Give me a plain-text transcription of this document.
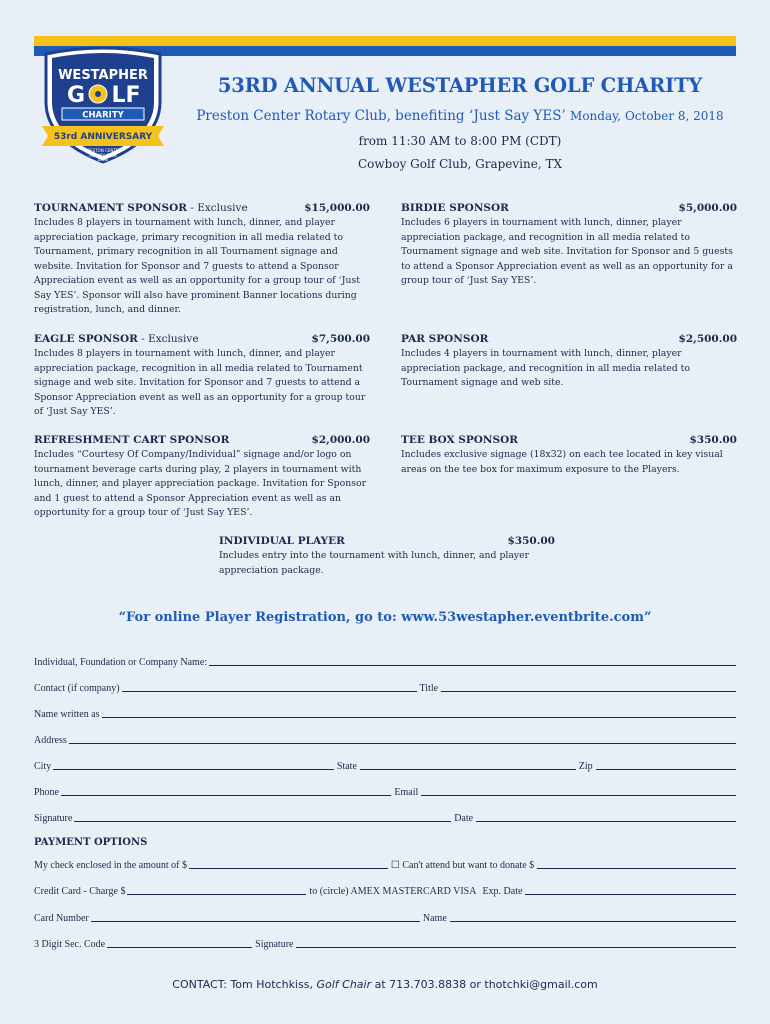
WESTAPHER
G LF
CHARITY
53rd ANNIVERSARY
PRESTON CENTER
ROTARY CLUB
Dallas
53RD ANNUAL WESTAPHER GOLF CHARITY
Preston Center Rotary Club, benefiting ‘Just Say YES’ Monday, October 8, 2018
from 11:30 AM to 8:00 PM (CDT)
Cowboy Golf Club, Grapevine, TX
TOURNAMENT SPONSOR - Exclusive	$15,000.00
Includes 8 players in tournament with lunch, dinner, and player appreciation package, primary recognition in all media related to Tournament, primary recognition in all Tournament signage and website. Invitation for Sponsor and 7 guests to attend a Sponsor Appreciation event as well as an opportunity for a group tour of ‘Just Say YES’. Sponsor will also have prominent Banner locations during registration, lunch, and dinner.
BIRDIE SPONSOR	$5,000.00
Includes 6 players in tournament with lunch, dinner, player appreciation package, and recognition in all media related to Tournament signage and web site. Invitation for Sponsor and 5 guests to attend a Sponsor Appreciation event as well as an opportunity for a group tour of ‘Just Say YES’.
EAGLE SPONSOR - Exclusive	$7,500.00
Includes 8 players in tournament with lunch, dinner, and player appreciation package, recognition in all media related to Tournament signage and web site. Invitation for Sponsor and 7 guests to attend a Sponsor Appreciation event as well as an opportunity for a group tour of ‘Just Say YES’.
PAR SPONSOR	$2,500.00
Includes 4 players in tournament with lunch, dinner, player appreciation package, and recognition in all media related to Tournament signage and web site.
REFRESHMENT CART SPONSOR	$2,000.00
Includes “Courtesy Of Company/Individual” signage and/or logo on tournament beverage carts during play, 2 players in tournament with lunch, dinner, and player appreciation package. Invitation for Sponsor and 1 guest to attend a Sponsor Appreciation event as well as an opportunity for a group tour of ‘Just Say YES’.
TEE BOX SPONSOR	$350.00
Includes exclusive signage (18x32) on each tee located in key visual areas on the tee box for maximum exposure to the Players.
INDIVIDUAL PLAYER	$350.00
Includes entry into the tournament with lunch, dinner, and player appreciation package.
“For online Player Registration, go to: www.53westapher.eventbrite.com”
Individual, Foundation or Company Name:
Contact (if company)	Title
Name written as
Address
City	State	Zip
Phone	Email
Signature	Date
PAYMENT OPTIONS
My check enclosed in the amount of $	☐ Can't attend but want to donate $
Credit Card - Charge $	to (circle) AMEX MASTERCARD VISA Exp. Date
Card Number	Name
3 Digit Sec. Code	Signature
CONTACT: Tom Hotchkiss, Golf Chair at 713.703.8838 or thotchki@gmail.com
